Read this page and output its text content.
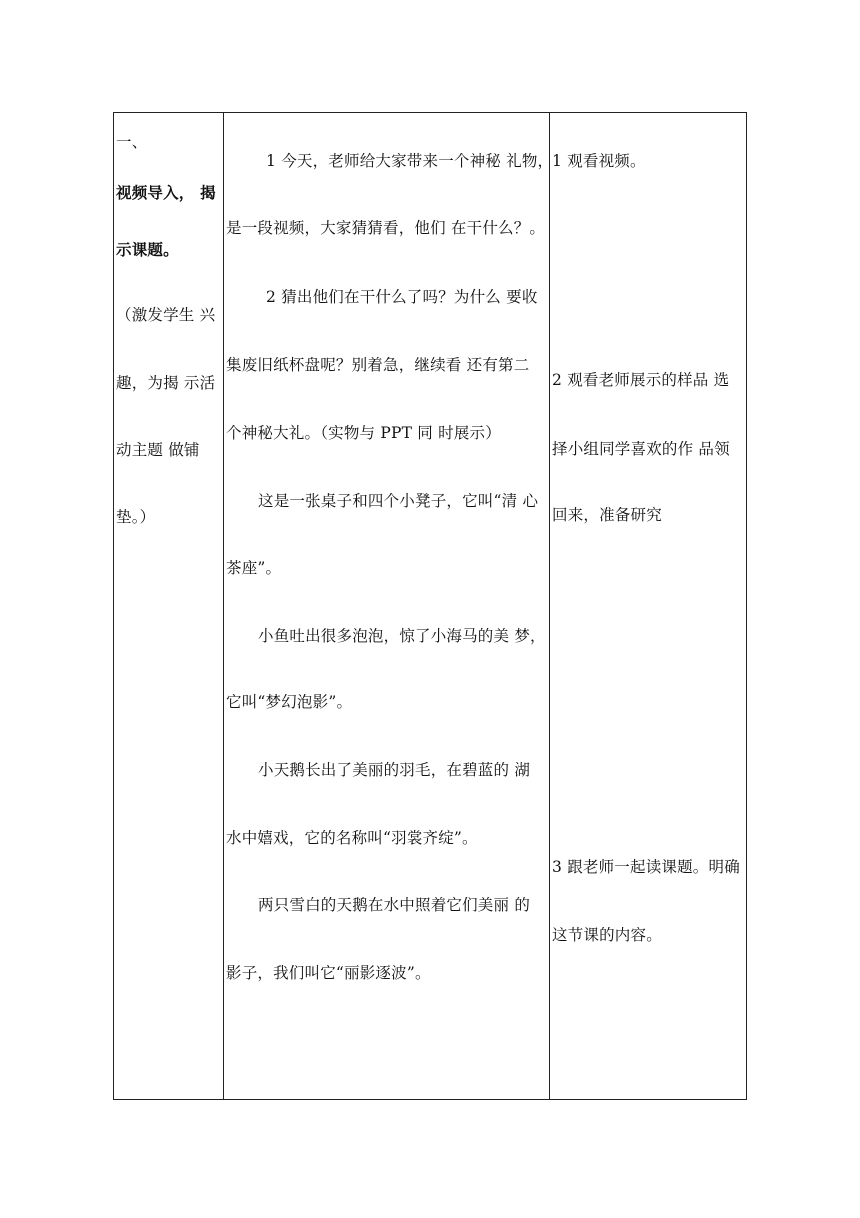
一、
视频导入， 揭
示课题。
（激发学生 兴
趣，为揭 示活
动主题 做铺
垫。）
1 今天，老师给大家带来一个神秘 礼物，
是一段视频，大家猜猜看，他们 在干什么？。
2 猜出他们在干什么了吗？为什么 要收
集废旧纸杯盘呢？别着急，继续看 还有第二
个神秘大礼。（实物与 PPT 同 时展示）
这是一张桌子和四个小凳子，它叫“清 心
茶座”。
小鱼吐出很多泡泡，惊了小海马的美 梦，
它叫“梦幻泡影”。
小天鹅长出了美丽的羽毛，在碧蓝的 湖
水中嬉戏，它的名称叫“羽裳齐绽”。
两只雪白的天鹅在水中照着它们美丽 的
影子，我们叫它“丽影逐波”。
1 观看视频。
2 观看老师展示的样品 选
择小组同学喜欢的作 品领
回来，准备研究
3 跟老师一起读课题。明确
这节课的内容。
